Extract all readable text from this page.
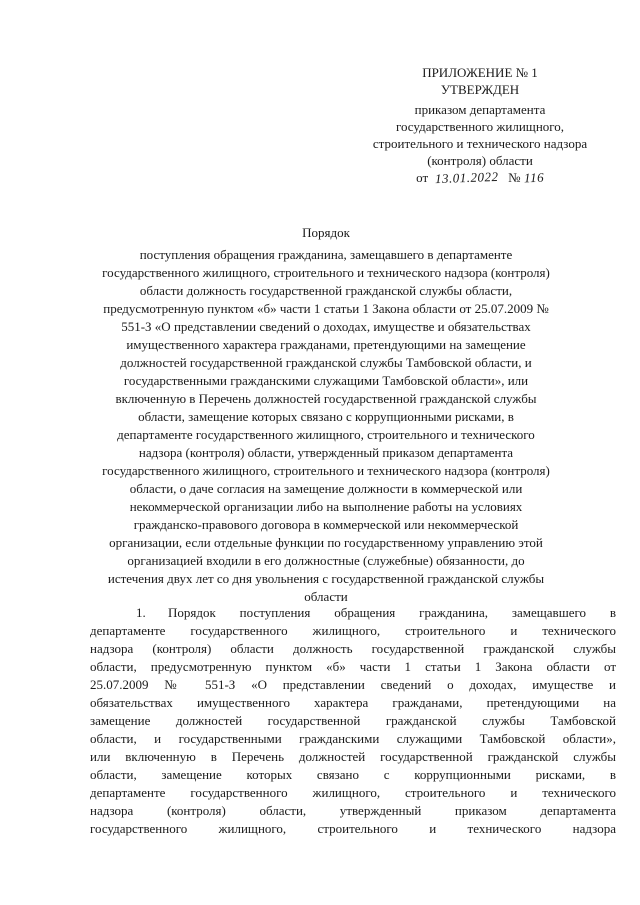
ПРИЛОЖЕНИЕ № 1
УТВЕРЖДЕН
приказом департамента
государственного жилищного,
строительного и технического надзора
(контроля) области
от 13.01.2022 № 116
Порядок
поступления обращения гражданина, замещавшего в департаменте
государственного жилищного, строительного и технического надзора (контроля)
области должность государственной гражданской службы области,
предусмотренную пунктом «б» части 1 статьи 1 Закона области от 25.07.2009 №
551-З «О представлении сведений о доходах, имуществе и обязательствах
имущественного характера гражданами, претендующими на замещение
должностей государственной гражданской службы Тамбовской области, и
государственными гражданскими служащими Тамбовской области», или
включенную в Перечень должностей государственной гражданской службы
области, замещение которых связано с коррупционными рисками, в
департаменте государственного жилищного, строительного и технического
надзора (контроля) области, утвержденный приказом департамента
государственного жилищного, строительного и технического надзора (контроля)
области, о даче согласия на замещение должности в коммерческой или
некоммерческой организации либо на выполнение работы на условиях
гражданско-правового договора в коммерческой или некоммерческой
организации, если отдельные функции по государственному управлению этой
организацией входили в его должностные (служебные) обязанности, до
истечения двух лет со дня увольнения с государственной гражданской службы
области
1. Порядок поступления обращения гражданина, замещавшего в
департаменте государственного жилищного, строительного и технического
надзора (контроля) области должность государственной гражданской службы
области, предусмотренную пунктом «б» части 1 статьи 1 Закона области от
25.07.2009 № 551-З «О представлении сведений о доходах, имуществе и
обязательствах имущественного характера гражданами, претендующими на
замещение должностей государственной гражданской службы Тамбовской
области, и государственными гражданскими служащими Тамбовской области»,
или включенную в Перечень должностей государственной гражданской службы
области, замещение которых связано с коррупционными рисками, в
департаменте государственного жилищного, строительного и технического
надзора (контроля) области, утвержденный приказом департамента
государственного жилищного, строительного и технического надзора
